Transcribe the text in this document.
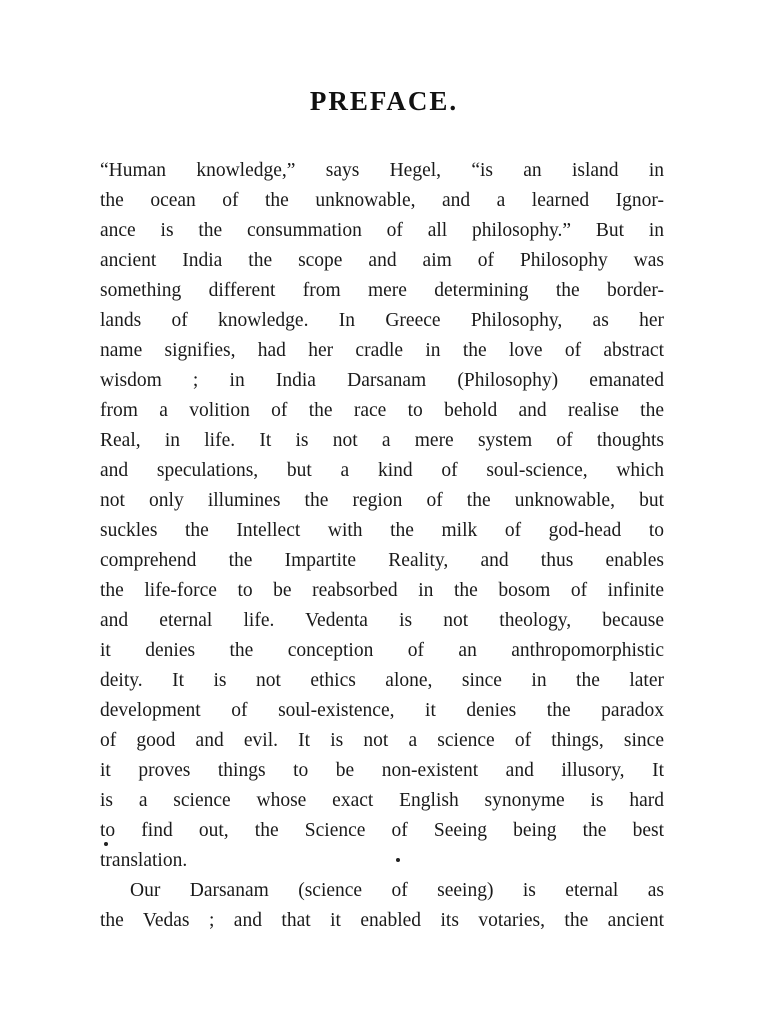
PREFACE.
“Human knowledge,” says Hegel, “is an island in
the ocean of the unknowable, and a learned Ignor-
ance is the consummation of all philosophy.” But in
ancient India the scope and aim of Philosophy was
something different from mere determining the border-
lands of knowledge. In Greece Philosophy, as her
name signifies, had her cradle in the love of abstract
wisdom ; in India Darsanam (Philosophy) emanated
from a volition of the race to behold and realise the
Real, in life. It is not a mere system of thoughts
and speculations, but a kind of soul-science, which
not only illumines the region of the unknowable, but
suckles the Intellect with the milk of god-head to
comprehend the Impartite Reality, and thus enables
the life-force to be reabsorbed in the bosom of infinite
and eternal life. Vedenta is not theology, because
it denies the conception of an anthropomorphistic
deity. It is not ethics alone, since in the later
development of soul-existence, it denies the paradox
of good and evil. It is not a science of things, since
it proves things to be non-existent and illusory, It
is a science whose exact English synonyme is hard
to find out, the Science of Seeing being the best
translation.
Our Darsanam (science of seeing) is eternal as
the Vedas ; and that it enabled its votaries, the ancient
